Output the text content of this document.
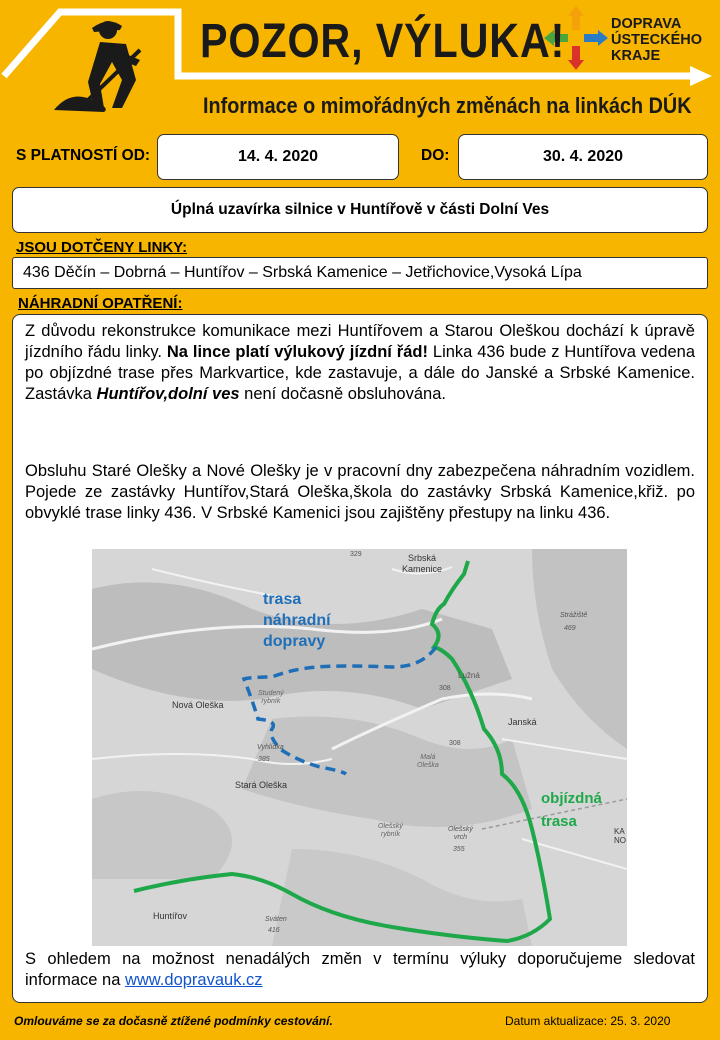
POZOR, VÝLUKA!
Informace o mimořádných změnách na linkách DÚK
DOPRAVA
ÚSTECKÉHO
KRAJE
S PLATNOSTÍ OD:	14. 4. 2020	DO:	30. 4. 2020
Úplná uzavírka silnice v Huntířově v části Dolní Ves
JSOU DOTČENY LINKY:
436 Děčín – Dobrná – Huntířov – Srbská Kamenice – Jetřichovice,Vysoká Lípa
NÁHRADNÍ OPATŘENÍ:

Z důvodu rekonstrukce komunikace mezi Huntířovem a Starou Oleškou dochází k úpravě jízdního řádu linky. Na lince platí výlukový jízdní řád! Linka 436 bude z Huntířova vedena po objízdné trase přes Markvartice, kde zastavuje, a dále do Janské a Srbské Kamenice. Zastávka Huntířov,dolní ves není dočasně obsluhována.

Obsluhu Staré Olešky a Nové Olešky je v pracovní dny zabezpečena náhradním vozidlem. Pojede ze zastávky Huntířov,Stará Oleška,škola do zastávky Srbská Kamenice,křiž. po obvyklé trase linky 436. V Srbské Kamenici jsou zajištěny přestupy na linku 436.
trasa
náhradní
dopravy
objízdná
trasa
Srbská
Kamenice
Nová Oleška
Janská
Stará Oleška
Huntířov
Lužná
Vyhlídka
Strážiště
Olešský
vrch
Studený
rybník
Malá
Oleška
Olešský
rybník
Sváten
KA
NO
329
469
308
308
385
355
416

S ohledem na možnost nenadálých změn v termínu výluky doporučujeme sledovat informace na www.dopravauk.cz

Omlouváme se za dočasně ztížené podmínky cestování.	Datum aktualizace: 25. 3. 2020
